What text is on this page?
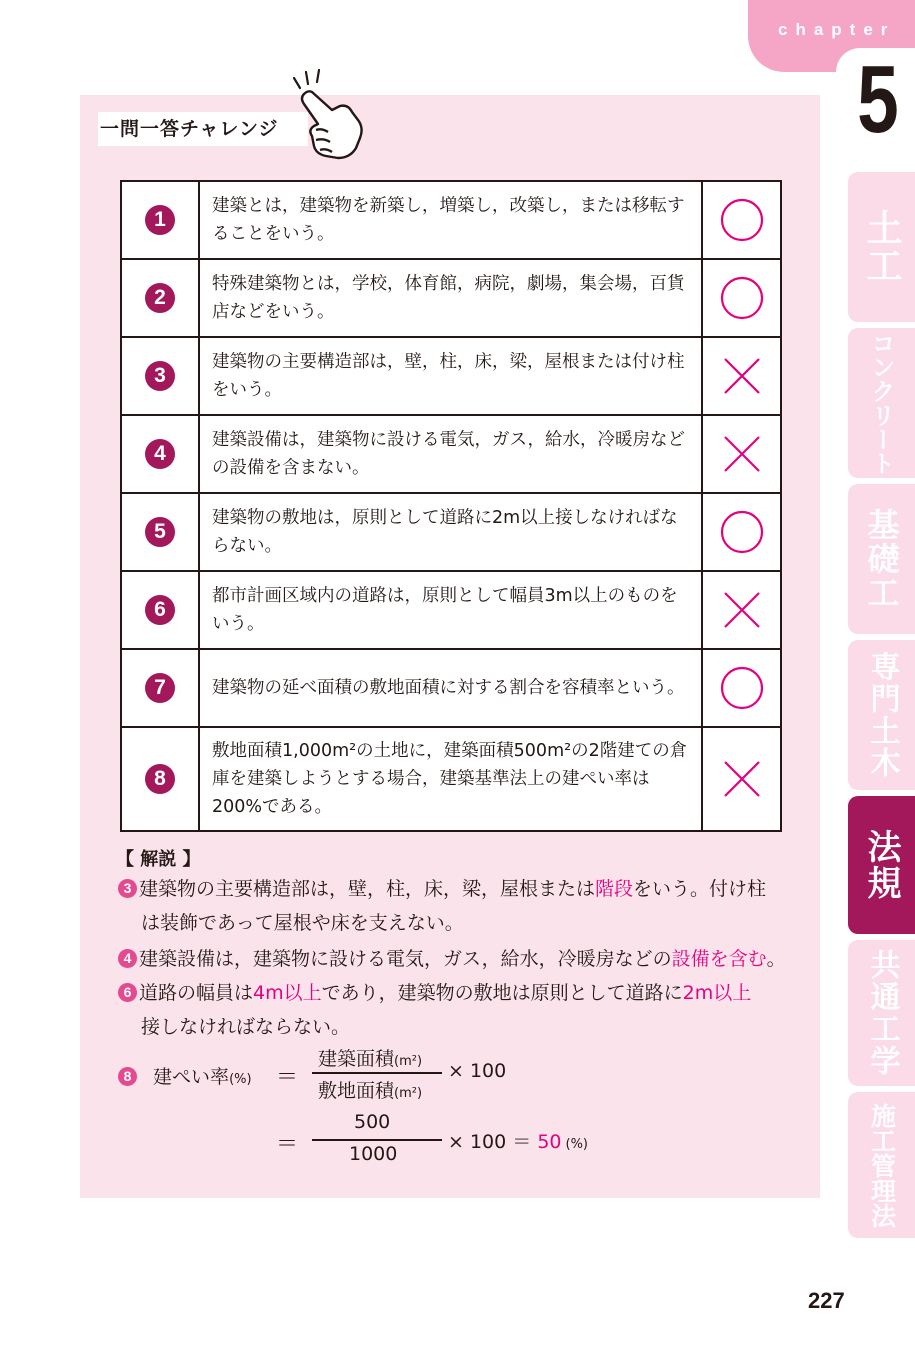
chapter
5
土工
コンクリート
基礎工
専門土木
法規
共通工学
施工管理法
一問一答チャレンジ
1
建築とは，建築物を新築し，増築し，改築し，または移転することをいう。
2
特殊建築物とは，学校，体育館，病院，劇場，集会場，百貨店などをいう。
3
建築物の主要構造部は，壁，柱，床，梁，屋根または付け柱をいう。
4
建築設備は，建築物に設ける電気，ガス，給水，冷暖房などの設備を含まない。
5
建築物の敷地は，原則として道路に2m以上接しなければならない。
6
都市計画区域内の道路は，原則として幅員3m以上のものをいう。
7	建築物の延べ面積の敷地面積に対する割合を容積率という。
8
敷地面積1,000m²の土地に，建築面積500m²の2階建ての倉庫を建築しようとする場合，建築基準法上の建ぺい率は200%である。
【 解説 】
3 建築物の主要構造部は，壁，柱，床，梁，屋根または階段をいう。付け柱
は装飾であって屋根や床を支えない。
4 建築設備は，建築物に設ける電気，ガス，給水，冷暖房などの設備を含む。
6 道路の幅員は4m以上であり，建築物の敷地は原則として道路に2m以上
接しなければならない。
8 建ぺい率(%) ＝
建築面積(m²)
敷地面積(m²)
× 100
＝
500
1000
× 100 ＝ 50 (%)
227
